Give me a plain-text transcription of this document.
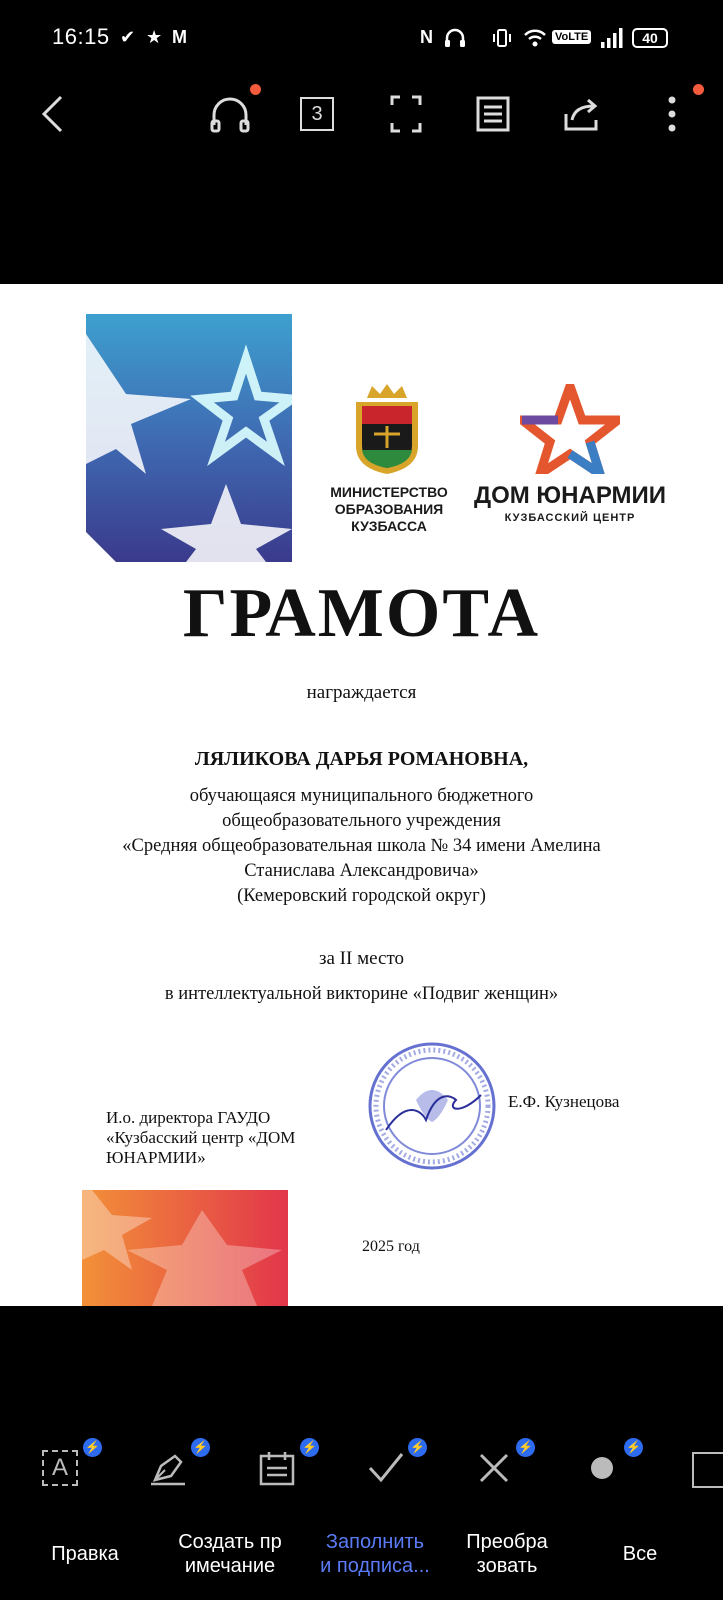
16:15 ✔ ★ M	N	VoLTE	40
3
МИНИСТЕРСТВО
ОБРАЗОВАНИЯ
КУЗБАССА
ДОМ ЮНАРМИИ
КУЗБАССКИЙ ЦЕНТР
ГРАМОТА
награждается
ЛЯЛИКОВА ДАРЬЯ РОМАНОВНА,
обучающаяся муниципального бюджетного
общеобразовательного учреждения
«Средняя общеобразовательная школа № 34 имени Амелина
Станислава Александровича»
(Кемеровский городской округ)
за II место
в интеллектуальной викторине «Подвиг женщин»
И.о. директора ГАУДО
«Кузбасский центр «ДОМ
ЮНАРМИИ»
Е.Ф. Кузнецова
2025 год
A
⚡	⚡	⚡	⚡	⚡	⚡
Правка
Создать пр
имечание
Заполнить
и подписа...
Преобра
зовать
Все
